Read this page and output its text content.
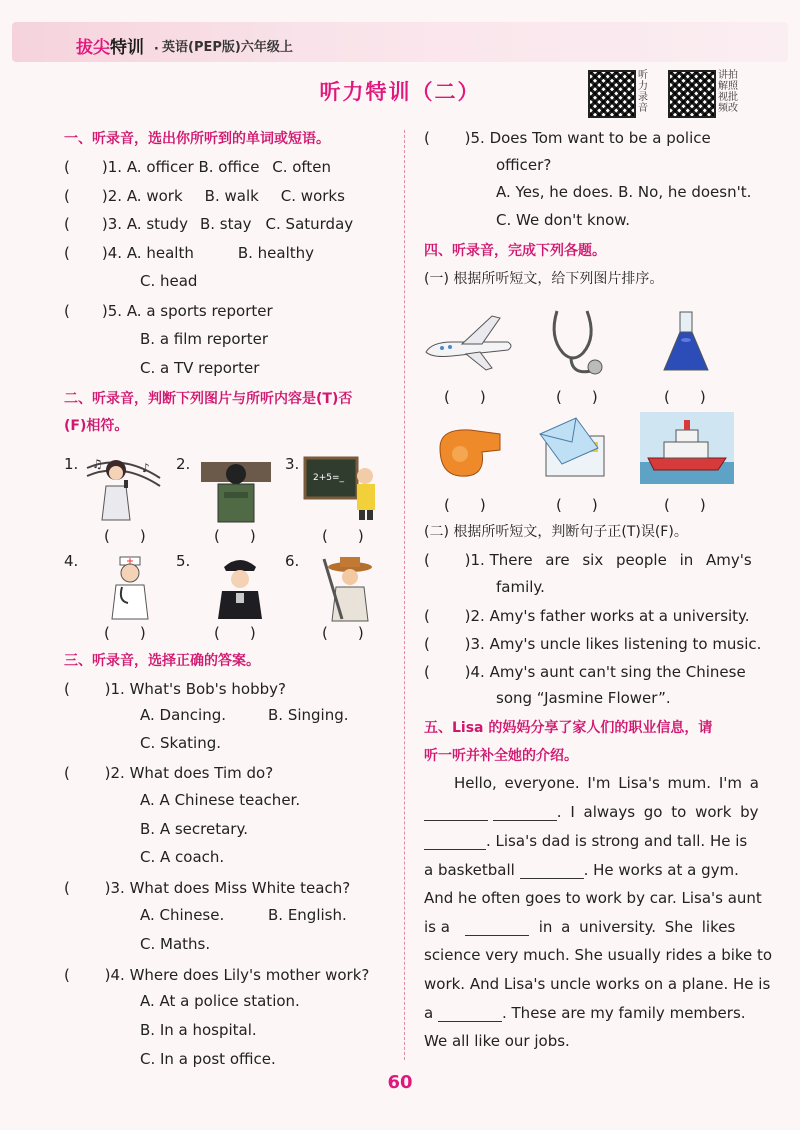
拔尖特训 · 英语(PEP版)六年级上
听力特训（二）
听力录音
讲拍解照视批频改
一、听录音，选出你所听到的单词或短语。
( )1. A. officer B. office C. often
( )2. A. work B. walk C. works
( )3. A. study B. stay C. Saturday
( )4. A. health	B. healthy
C. head
( )5. A. a sports reporter
B. a film reporter
C. a TV reporter
二、听录音，判断下列图片与所听内容是(T)否
(F)相符。
1.	2.	3.
♪
♫
2+5=_
(　　)	(　　)	(　　)
4.	5.	6.
(　　)	(　　)	(　　)
三、听录音，选择正确的答案。
( 　　)1. What's Bob's hobby?
A. Dancing.	B. Singing.
C. Skating.
( 　　)2. What does Tim do?
A. A Chinese teacher.
B. A secretary.
C. A coach.
( 　　)3. What does Miss White teach?
A. Chinese.	B. English.
C. Maths.
( 　　)4. Where does Lily's mother work?
A. At a police station.
B. In a hospital.
C. In a post office.
( 　　)5. Does Tom want to be a police
officer?
A. Yes, he does. B. No, he doesn't.
C. We don't know.
四、听录音，完成下列各题。
(一) 根据所听短文，给下列图片排序。
(　　)	(　　)	(　　)
(　　)	(　　)	(　　)
(二) 根据所听短文，判断句子正(T)误(F)。
( 　　)1. There are six people in Amy's
family.
( 　　)2. Amy's father works at a university.
( 　　)3. Amy's uncle likes listening to music.
( 　　)4. Amy's aunt can't sing the Chinese
song “Jasmine Flower”.
五、Lisa 的妈妈分享了家人们的职业信息，请
听一听并补全她的介绍。
Hello, everyone. I'm Lisa's mum. I'm a
. I always go to work by
. Lisa's dad is strong and tall. He is
a basketball	. He works at a gym.
And he often goes to work by car. Lisa's aunt
is a	in a university. She likes
science very much. She usually rides a bike to
work. And Lisa's uncle works on a plane. He is
a	. These are my family members.
We all like our jobs.
60
